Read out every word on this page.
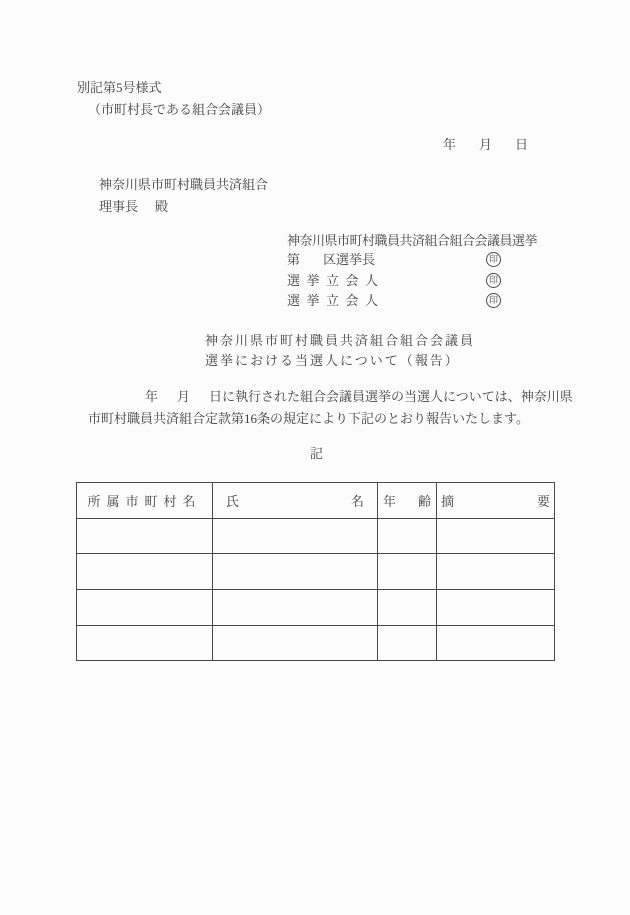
別記第5号様式
（市町村長である組合会議員）
年 月 日
神奈川県市町村職員共済組合
理事長 殿
神奈川県市町村職員共済組合組合会議員選挙
第 区選挙長	印
選挙立会人	印
選挙立会人	印
神奈川県市町村職員共済組合組合会議員
選挙における当選人について（報告）
年 月 日に執行された組合会議員選挙の当選人については、神奈川県
市町村職員共済組合定款第16条の規定により下記のとおり報告いたします。
記
所属市町村名	氏 名	年 齢	摘 要
